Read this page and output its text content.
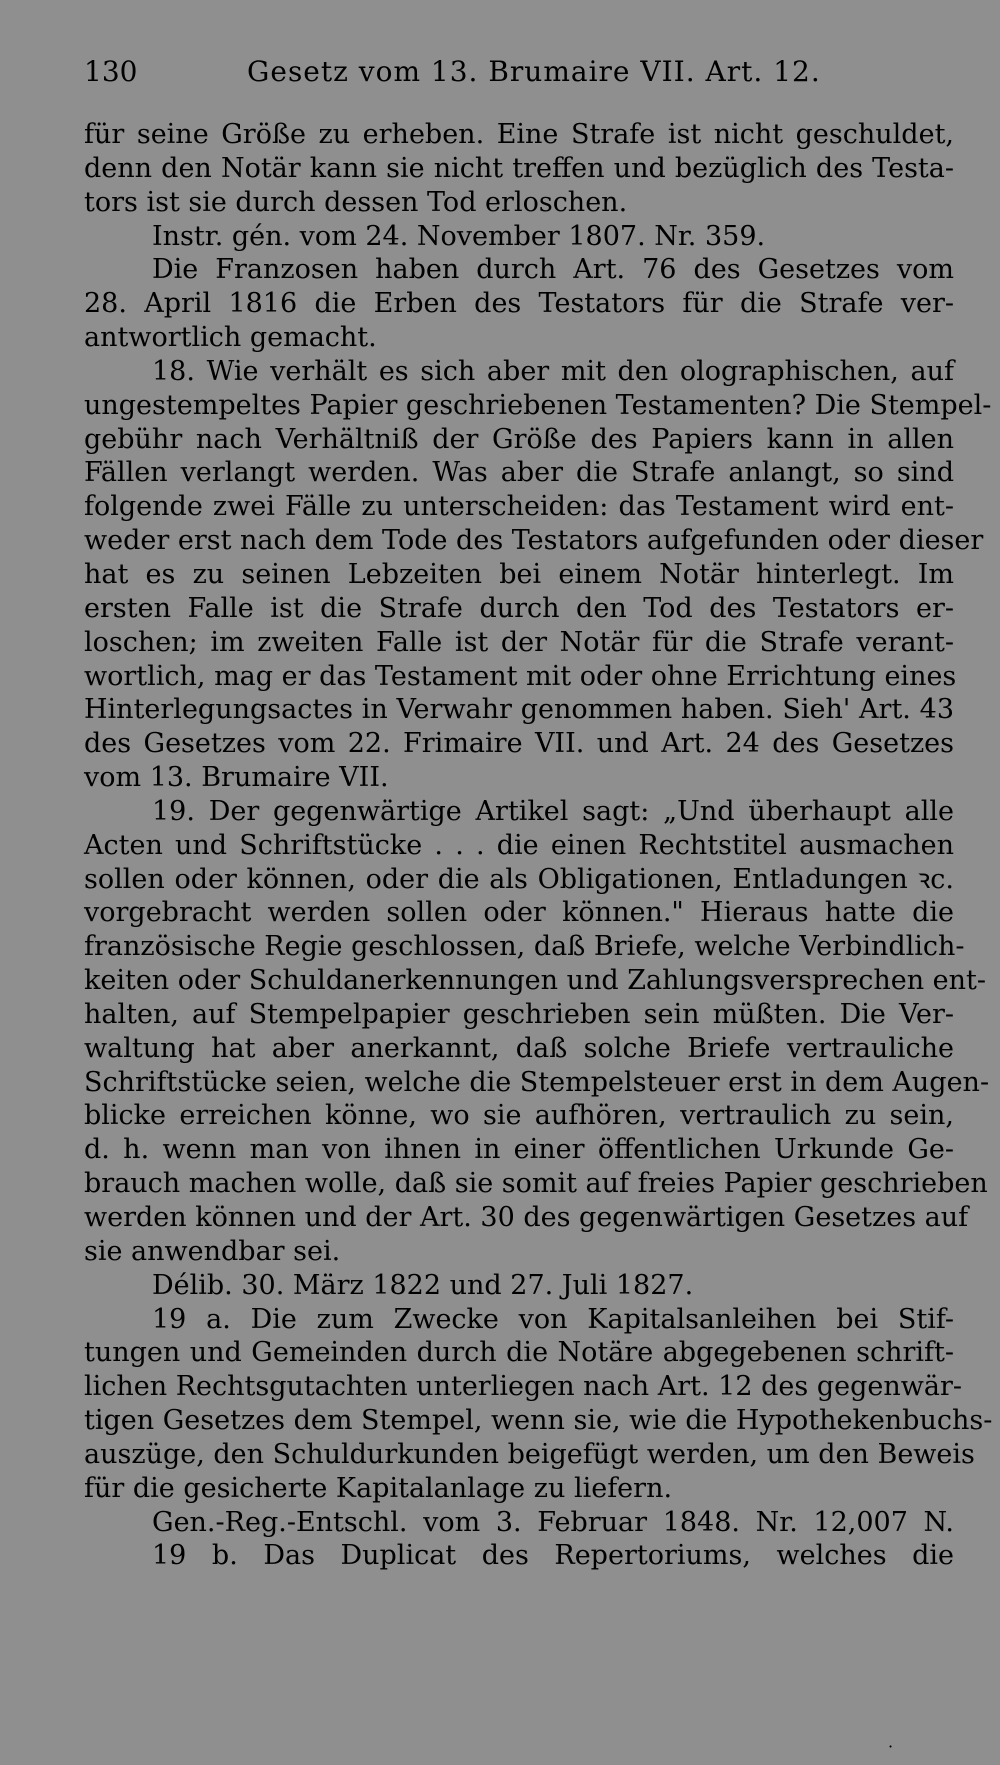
130	Gesetz vom 13. Brumaire VII. Art. 12.
für seine Größe zu erheben. Eine Strafe ist nicht geschuldet,
denn den Notär kann sie nicht treffen und bezüglich des Testa-
tors ist sie durch dessen Tod erloschen.
Instr. gén. vom 24. November 1807. Nr. 359.
Die Franzosen haben durch Art. 76 des Gesetzes vom
28. April 1816 die Erben des Testators für die Strafe ver-
antwortlich gemacht.
18. Wie verhält es sich aber mit den olographischen, auf
ungestempeltes Papier geschriebenen Testamenten? Die Stempel-
gebühr nach Verhältniß der Größe des Papiers kann in allen
Fällen verlangt werden. Was aber die Strafe anlangt, so sind
folgende zwei Fälle zu unterscheiden: das Testament wird ent-
weder erst nach dem Tode des Testators aufgefunden oder dieser
hat es zu seinen Lebzeiten bei einem Notär hinterlegt. Im
ersten Falle ist die Strafe durch den Tod des Testators er-
loschen; im zweiten Falle ist der Notär für die Strafe verant-
wortlich, mag er das Testament mit oder ohne Errichtung eines
Hinterlegungsactes in Verwahr genommen haben. Sieh' Art. 43
des Gesetzes vom 22. Frimaire VII. und Art. 24 des Gesetzes
vom 13. Brumaire VII.
19. Der gegenwärtige Artikel sagt: „Und überhaupt alle
Acten und Schriftstücke . . . die einen Rechtstitel ausmachen
sollen oder können, oder die als Obligationen, Entladungen ꝛc.
vorgebracht werden sollen oder können." Hieraus hatte die
französische Regie geschlossen, daß Briefe, welche Verbindlich-
keiten oder Schuldanerkennungen und Zahlungsversprechen ent-
halten, auf Stempelpapier geschrieben sein müßten. Die Ver-
waltung hat aber anerkannt, daß solche Briefe vertrauliche
Schriftstücke seien, welche die Stempelsteuer erst in dem Augen-
blicke erreichen könne, wo sie aufhören, vertraulich zu sein,
d. h. wenn man von ihnen in einer öffentlichen Urkunde Ge-
brauch machen wolle, daß sie somit auf freies Papier geschrieben
werden können und der Art. 30 des gegenwärtigen Gesetzes auf
sie anwendbar sei.
Délib. 30. März 1822 und 27. Juli 1827.
19 a. Die zum Zwecke von Kapitalsanleihen bei Stif-
tungen und Gemeinden durch die Notäre abgegebenen schrift-
lichen Rechtsgutachten unterliegen nach Art. 12 des gegenwär-
tigen Gesetzes dem Stempel, wenn sie, wie die Hypothekenbuchs-
auszüge, den Schuldurkunden beigefügt werden, um den Beweis
für die gesicherte Kapitalanlage zu liefern.
Gen.-Reg.-Entschl. vom 3. Februar 1848. Nr. 12,007 N.
19 b. Das Duplicat des Repertoriums, welches die
·
